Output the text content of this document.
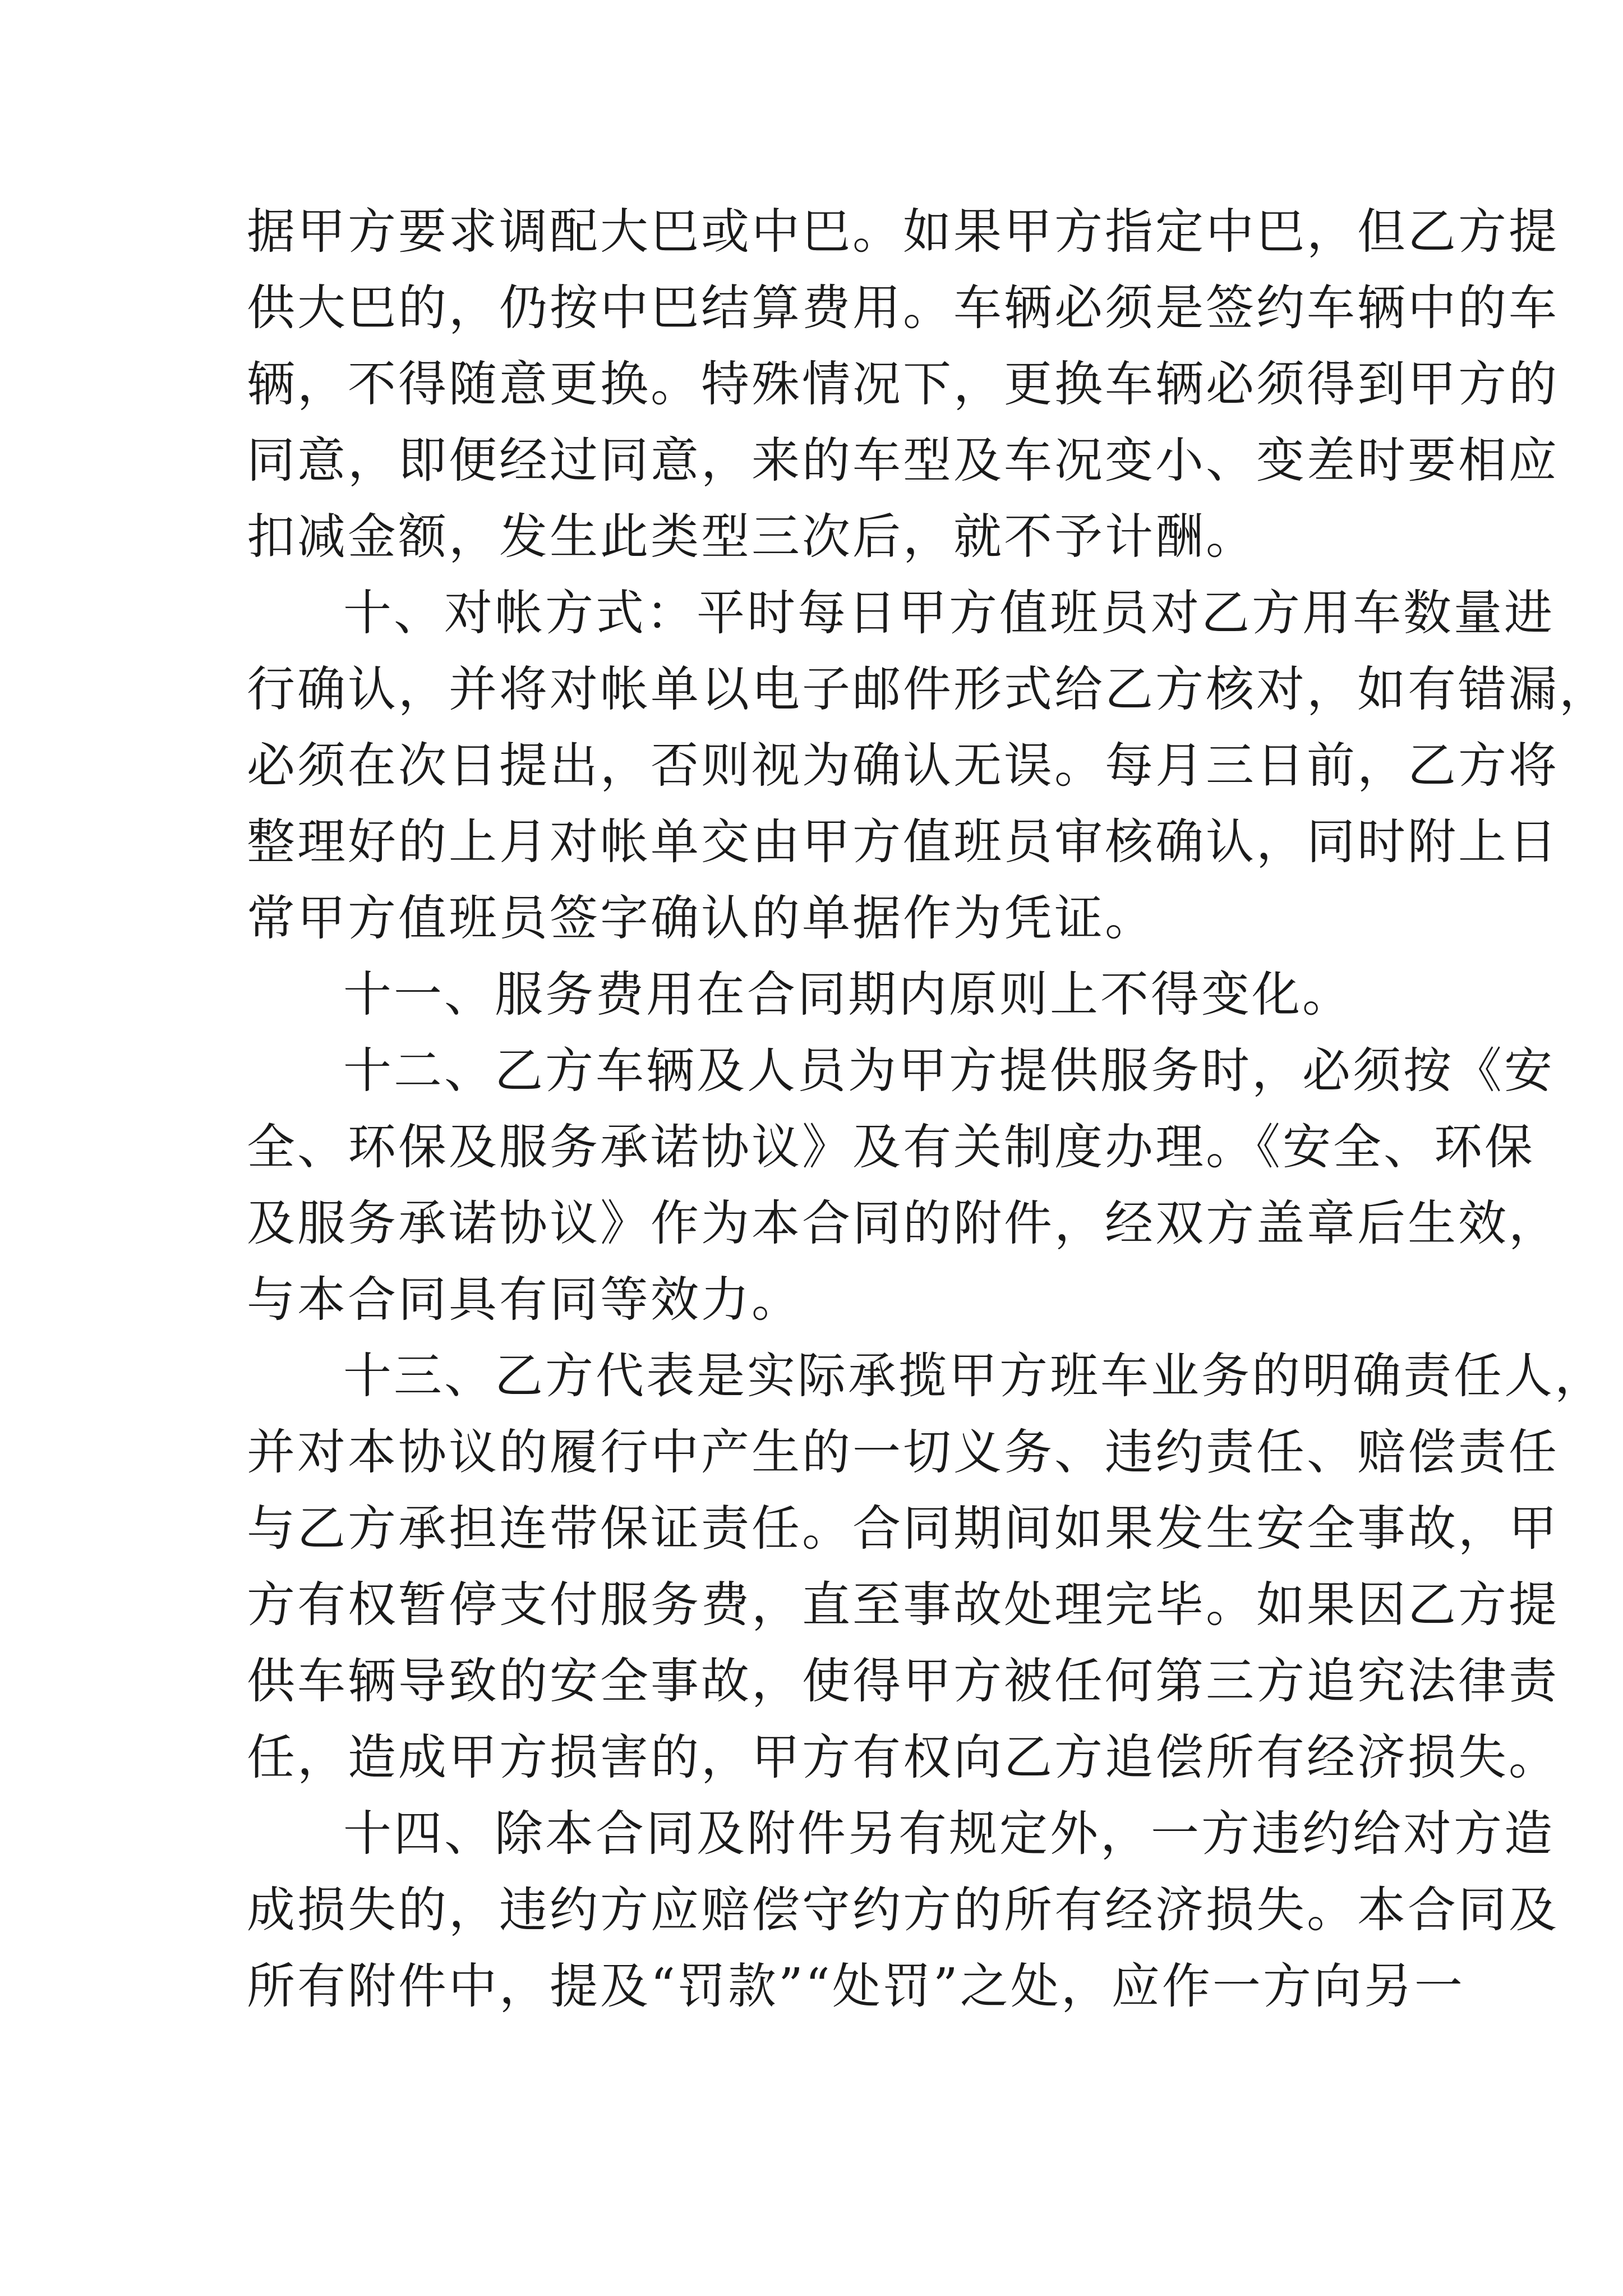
据甲方要求调配大巴或中巴。如果甲方指定中巴，但乙方提
供大巴的，仍按中巴结算费用。车辆必须是签约车辆中的车
辆，不得随意更换。特殊情况下，更换车辆必须得到甲方的
同意，即便经过同意，来的车型及车况变小、变差时要相应
扣减金额，发生此类型三次后，就不予计酬。
十、对帐方式：平时每日甲方值班员对乙方用车数量进
行确认，并将对帐单以电子邮件形式给乙方核对，如有错漏，
必须在次日提出，否则视为确认无误。每月三日前，乙方将
整理好的上月对帐单交由甲方值班员审核确认，同时附上日
常甲方值班员签字确认的单据作为凭证。
十一、服务费用在合同期内原则上不得变化。
十二、乙方车辆及人员为甲方提供服务时，必须按《安
全、环保及服务承诺协议》及有关制度办理。《安全、环保
及服务承诺协议》作为本合同的附件，经双方盖章后生效，
与本合同具有同等效力。
十三、乙方代表是实际承揽甲方班车业务的明确责任人，
并对本协议的履行中产生的一切义务、违约责任、赔偿责任
与乙方承担连带保证责任。合同期间如果发生安全事故，甲
方有权暂停支付服务费，直至事故处理完毕。如果因乙方提
供车辆导致的安全事故，使得甲方被任何第三方追究法律责
任，造成甲方损害的，甲方有权向乙方追偿所有经济损失。
十四、除本合同及附件另有规定外，一方违约给对方造
成损失的，违约方应赔偿守约方的所有经济损失。本合同及
所有附件中，提及“罚款”“处罚”之处，应作一方向另一
